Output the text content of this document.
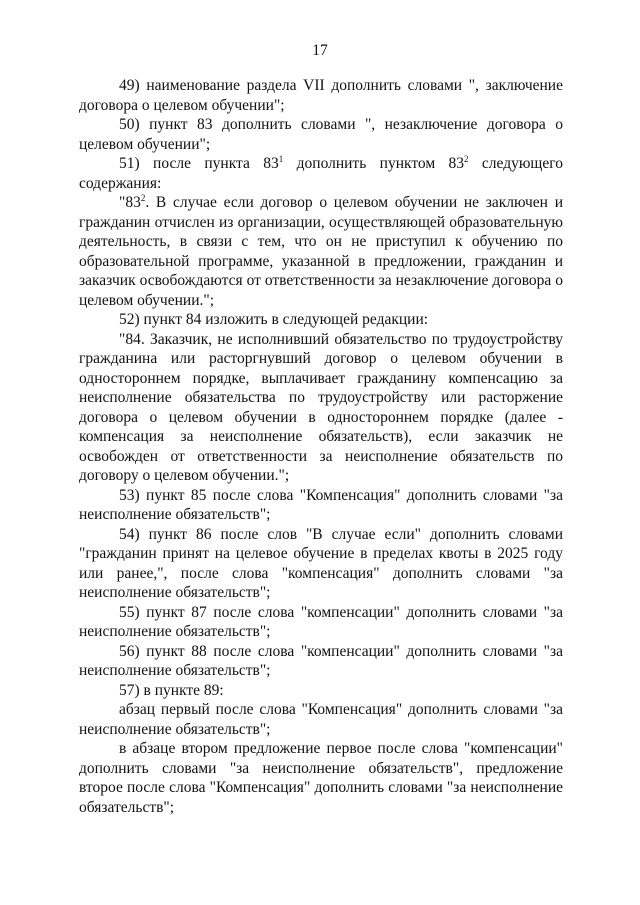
17

49) наименование раздела VII дополнить словами ", заключение договора о целевом обучении";

50) пункт 83 дополнить словами ", незаключение договора о целевом обучении";

51) после пункта $83^1$ дополнить пунктом $83^2$ следующего содержания:

"$83^2$. В случае если договор о целевом обучении не заключен и гражданин отчислен из организации, осуществляющей образовательную деятельность, в связи с тем, что он не приступил к обучению по образовательной программе, указанной в предложении, гражданин и заказчик освобождаются от ответственности за незаключение договора о целевом обучении.";

52) пункт 84 изложить в следующей редакции:

"84. Заказчик, не исполнивший обязательство по трудоустройству гражданина или расторгнувший договор о целевом обучении в одностороннем порядке, выплачивает гражданину компенсацию за неисполнение обязательства по трудоустройству или расторжение договора о целевом обучении в одностороннем порядке (далее - компенсация за неисполнение обязательств), если заказчик не освобожден от ответственности за неисполнение обязательств по договору о целевом обучении.";

53) пункт 85 после слова "Компенсация" дополнить словами "за неисполнение обязательств";

54) пункт 86 после слов "В случае если" дополнить словами "гражданин принят на целевое обучение в пределах квоты в 2025 году или ранее,", после слова "компенсация" дополнить словами "за неисполнение обязательств";

55) пункт 87 после слова "компенсации" дополнить словами "за неисполнение обязательств";

56) пункт 88 после слова "компенсации" дополнить словами "за неисполнение обязательств";

57) в пункте 89:

абзац первый после слова "Компенсация" дополнить словами "за неисполнение обязательств";

в абзаце втором предложение первое после слова "компенсации" дополнить словами "за неисполнение обязательств", предложение второе после слова "Компенсация" дополнить словами "за неисполнение обязательств";
